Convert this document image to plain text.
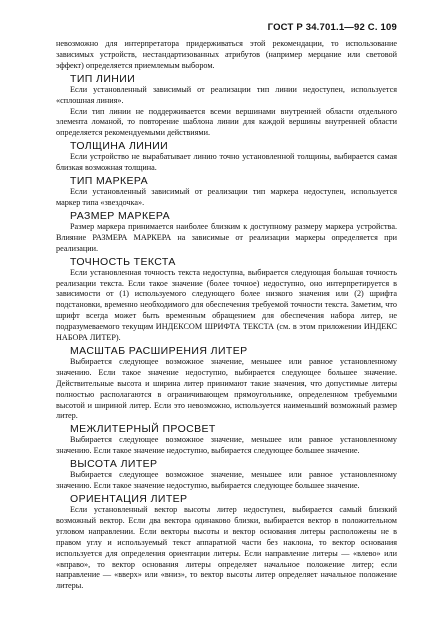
ГОСТ Р 34.701.1—92 С. 109

невозможно для интерпретатора придерживаться этой рекомендации, то использование зависимых устройств, нестандартизованных атрибутов (например мерцание или световой эффект) определяется приемлемым выбором.

ТИП ЛИНИИ

Если установленный зависимый от реализации тип линии недоступен, используется «сплошная линия».

Если тип линии не поддерживается всеми вершинами внутренней области отдельного элемента ломаной, то повторение шаблона линии для каждой вершины внутренней области определяется рекомендуемыми действиями.

ТОЛЩИНА ЛИНИИ

Если устройство не вырабатывает линию точно установленной толщины, выбирается самая близкая возможная толщина.

ТИП МАРКЕРА

Если установленный зависимый от реализации тип маркера недоступен, используется маркер типа «звездочка».

РАЗМЕР МАРКЕРА

Размер маркера принимается наиболее близким к доступному размеру маркера устройства. Влияние РАЗМЕРА МАРКЕРА на зависимые от реализации маркеры определяется при реализации.

ТОЧНОСТЬ ТЕКСТА

Если установленная точность текста недоступна, выбирается следующая большая точность реализации текста. Если такое значение (более точное) недоступно, оно интерпретируется в зависимости от (1) используемого следующего более низкого значения или (2) шрифта подстановки, временно необходимого для обеспечения требуемой точности текста. Заметим, что шрифт всегда может быть временным обращением для обеспечения набора литер, не подразумеваемого текущим ИНДЕКСОМ ШРИФТА ТЕКСТА (см. в этом приложении ИНДЕКС НАБОРА ЛИТЕР).

МАСШТАБ РАСШИРЕНИЯ ЛИТЕР

Выбирается следующее возможное значение, меньшее или равное установленному значению. Если такое значение недоступно, выбирается следующее большее значение. Действительные высота и ширина литер принимают такие значения, что допустимые литеры полностью располагаются в ограничивающем прямоугольнике, определенном требуемыми высотой и шириной литер. Если это невозможно, используется наименьший возможный размер литер.

МЕЖЛИТЕРНЫЙ ПРОСВЕТ

Выбирается следующее возможное значение, меньшее или равное установленному значению. Если такое значение недоступно, выбирается следующее большее значение.

ВЫСОТА ЛИТЕР

Выбирается следующее возможное значение, меньшее или равное установленному значению. Если такое значение недоступно, выбирается следующее большее значение.

ОРИЕНТАЦИЯ ЛИТЕР

Если установленный вектор высоты литер недоступен, выбирается самый близкий возможный вектор. Если два вектора одинаково близки, выбирается вектор в положительном угловом направлении. Если векторы высоты и вектор основания литеры расположены не в правом углу и используемый текст аппаратной части без наклона, то вектор основания используется для определения ориентации литеры. Если направление литеры — «влево» или «вправо», то вектор основания литеры определяет начальное положение литер; если направление — «вверх» или «вниз», то вектор высоты литер определяет начальное положение литеры.
